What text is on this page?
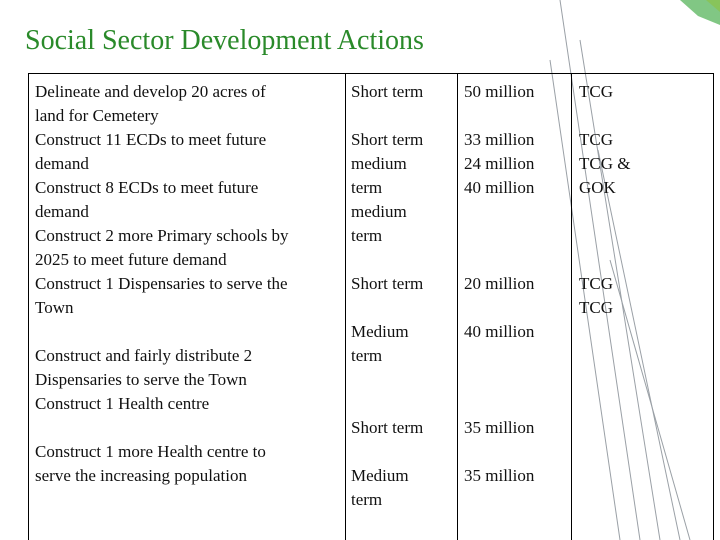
Social Sector Development Actions
Delineate and develop 20 acres of
land for Cemetery
Construct 11 ECDs to meet future
demand
Construct 8 ECDs to meet future
demand
Construct 2 more Primary schools by
2025 to meet future demand
Construct 1 Dispensaries to serve the
Town
Construct and fairly distribute 2
Dispensaries to serve the Town
Construct 1 Health centre
Construct 1 more Health centre to
serve the increasing population
Short term
Short term
medium
term
medium
term
Short term
Medium
term
Short term
Medium
term
50 million
33 million
24 million
40 million
20 million
40 million
35 million
35 million
TCG
TCG
TCG &
GOK
TCG
TCG
